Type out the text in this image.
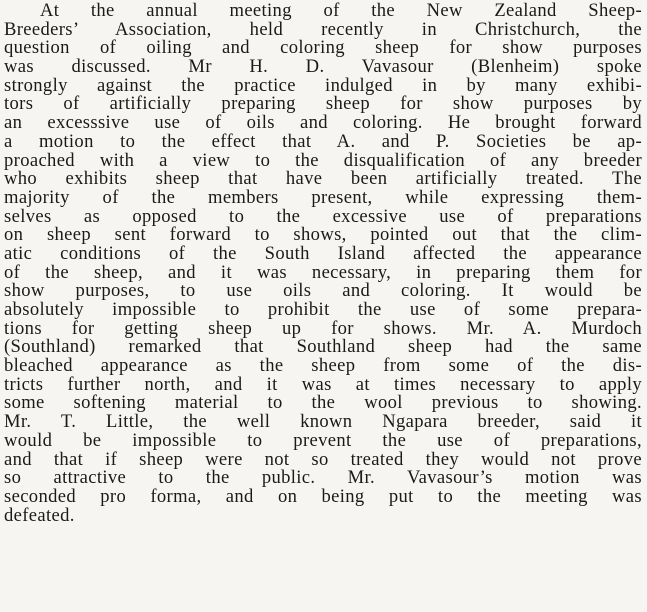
At the annual meeting of the New Zealand Sheep-
Breeders’ Association, held recently in Christchurch, the
question of oiling and coloring sheep for show purposes
was discussed. Mr H. D. Vavasour (Blenheim) spoke
strongly against the practice indulged in by many exhibi-
tors of artificially preparing sheep for show purposes by
an excesssive use of oils and coloring. He brought forward
a motion to the effect that A. and P. Societies be ap-
proached with a view to the disqualification of any breeder
who exhibits sheep that have been artificially treated. The
majority of the members present, while expressing them-
selves as opposed to the excessive use of preparations
on sheep sent forward to shows, pointed out that the clim-
atic conditions of the South Island affected the appearance
of the sheep, and it was necessary, in preparing them for
show purposes, to use oils and coloring. It would be
absolutely impossible to prohibit the use of some prepara-
tions for getting sheep up for shows. Mr. A. Murdoch
(Southland) remarked that Southland sheep had the same
bleached appearance as the sheep from some of the dis-
tricts further north, and it was at times necessary to apply
some softening material to the wool previous to showing.
Mr. T. Little, the well known Ngapara breeder, said it
would be impossible to prevent the use of preparations,
and that if sheep were not so treated they would not prove
so attractive to the public. Mr. Vavasour’s motion was
seconded pro forma, and on being put to the meeting was
defeated.
